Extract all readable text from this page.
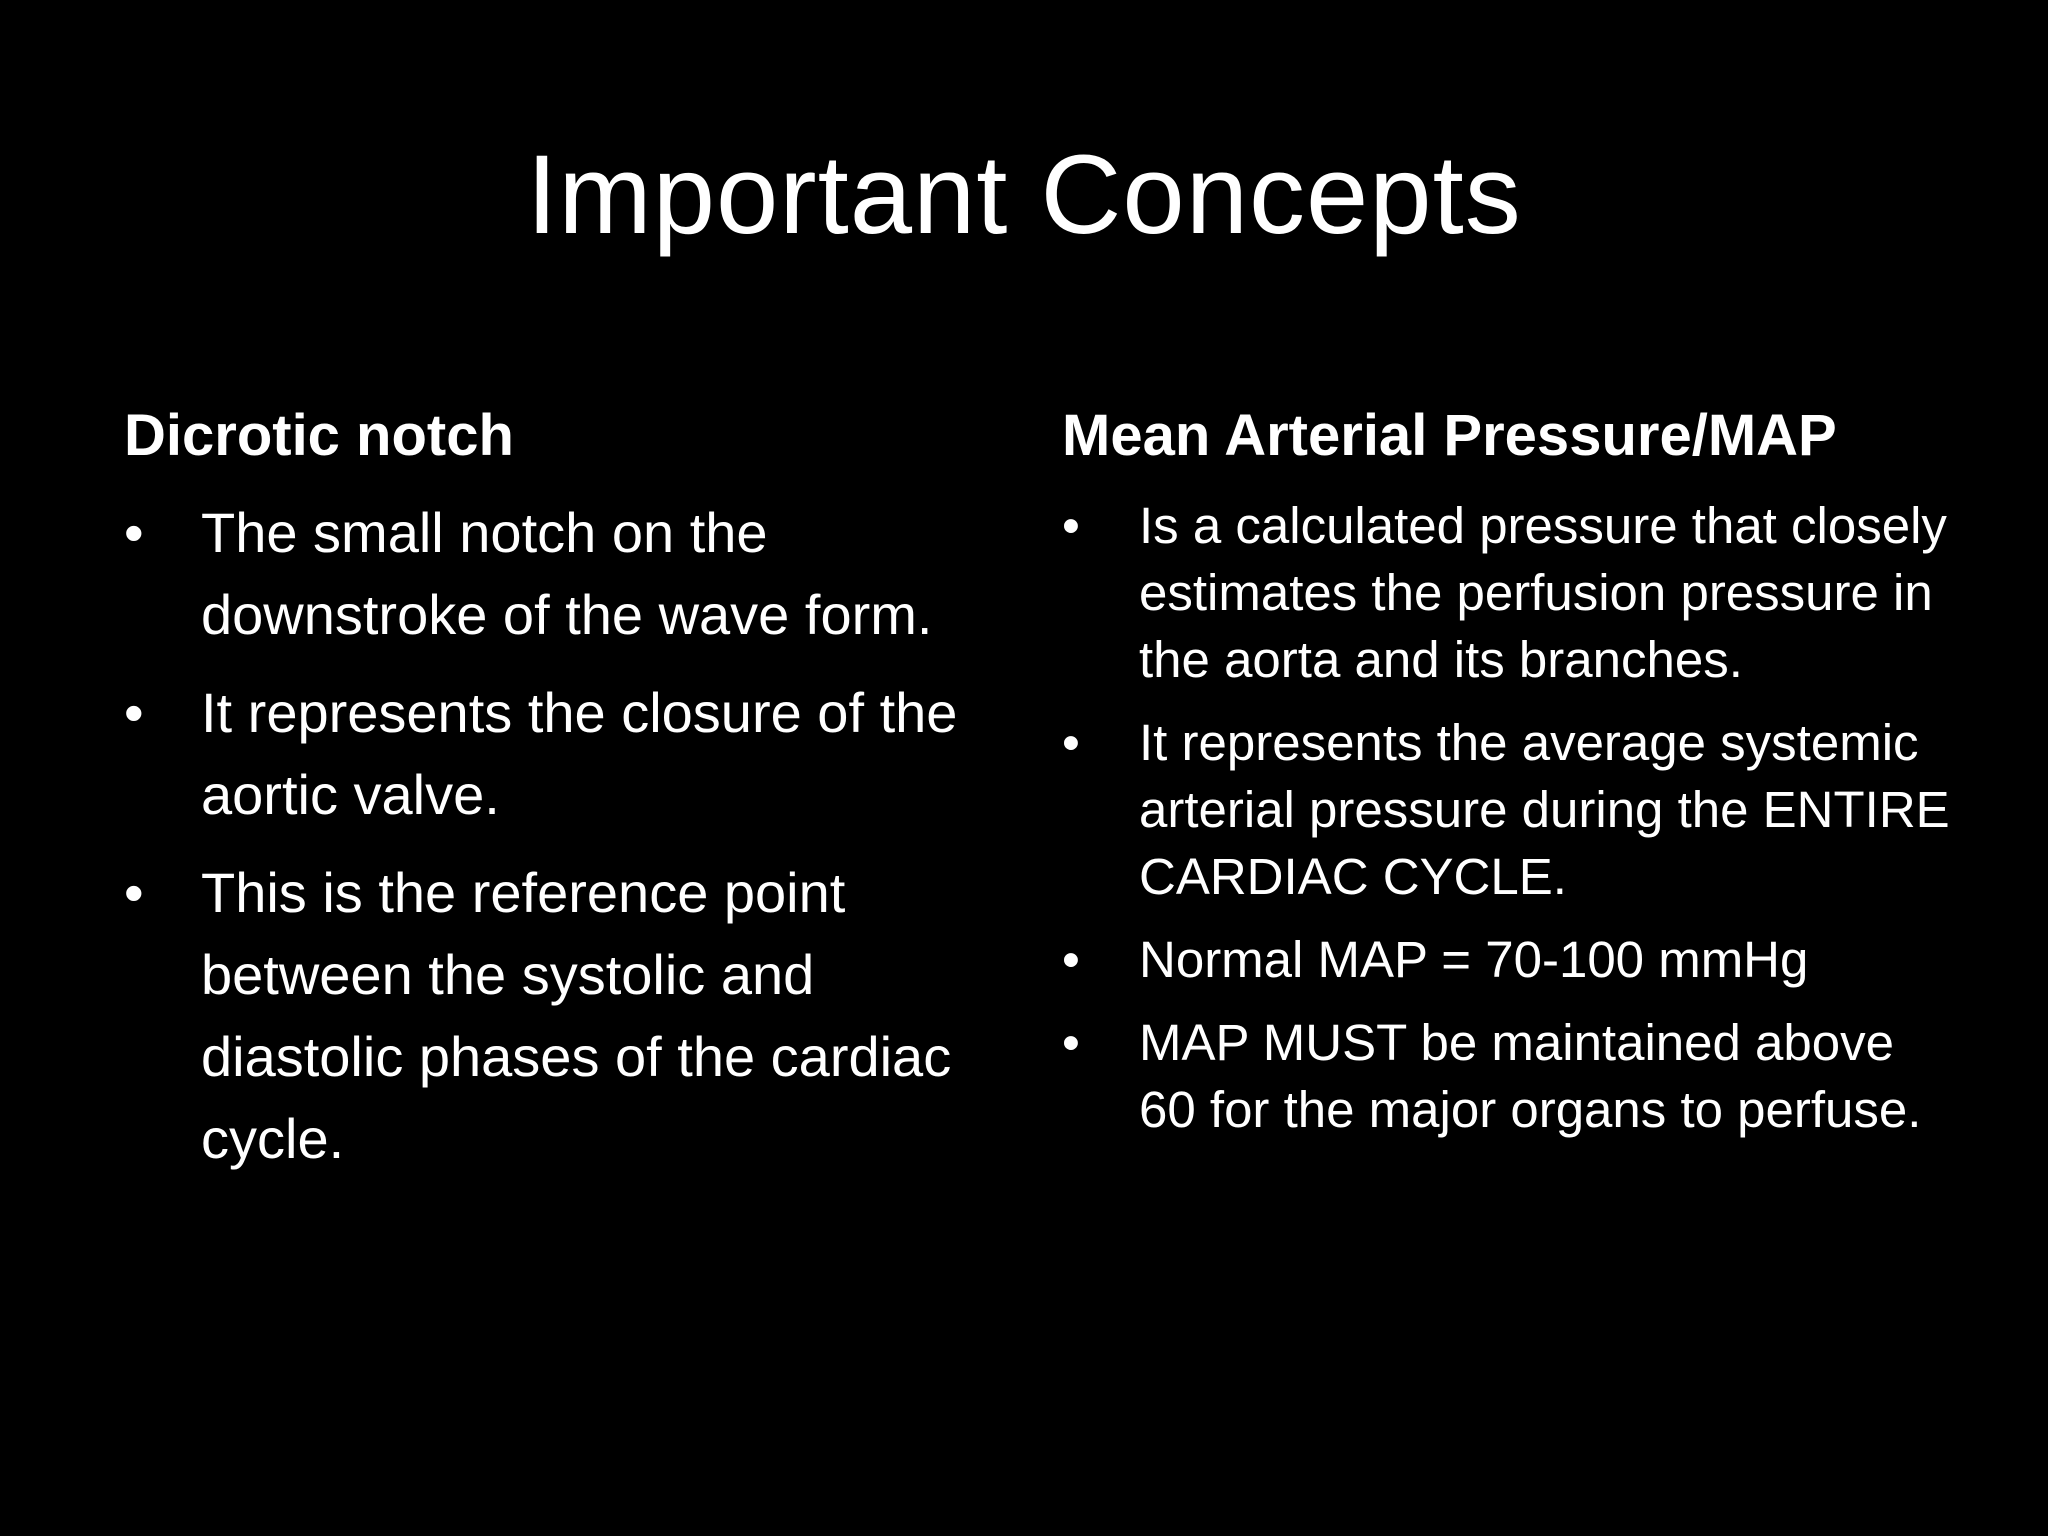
Important Concepts
Dicrotic notch
• The small notch on the downstroke of the wave form.
• It represents the closure of the aortic valve.
• This is the reference point between the systolic and diastolic phases of the cardiac cycle.
Mean Arterial Pressure/MAP
• Is a calculated pressure that closely estimates the perfusion pressure in the aorta and its branches.
• It represents the average systemic arterial pressure during the ENTIRE CARDIAC CYCLE.
• Normal MAP = 70-100 mmHg
• MAP MUST be maintained above 60 for the major organs to perfuse.
